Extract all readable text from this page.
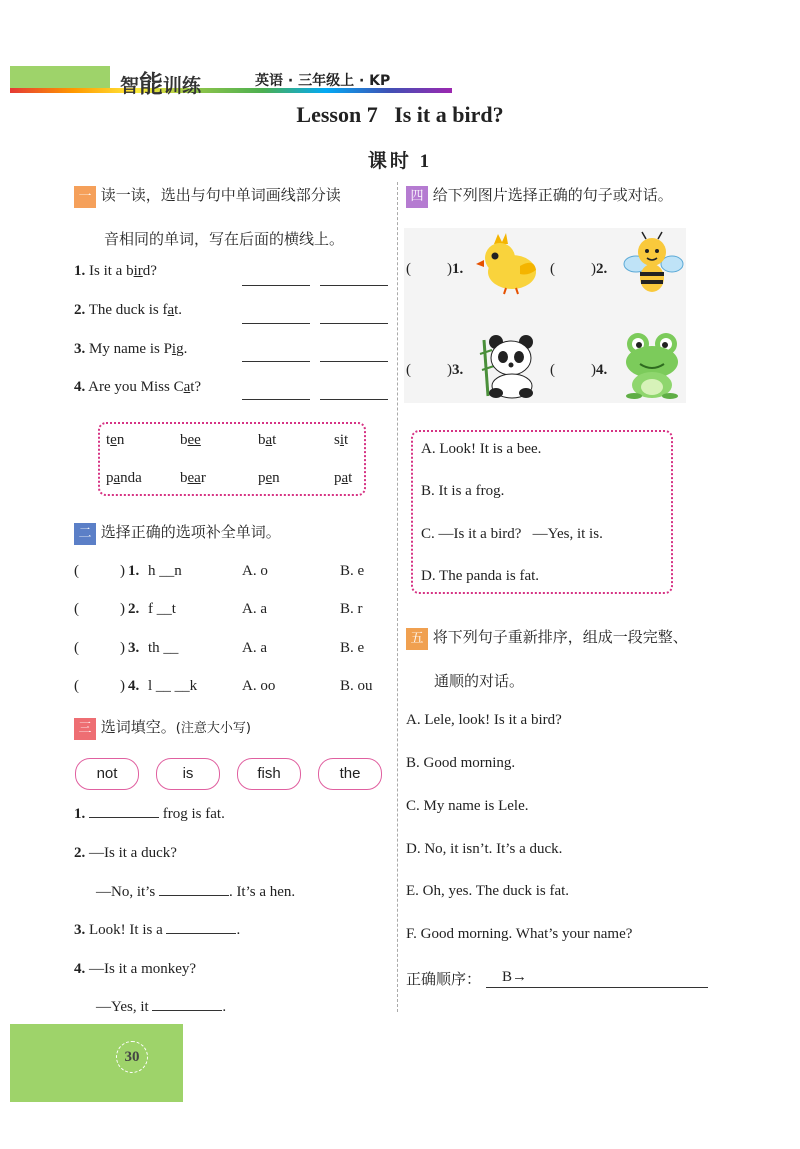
智能训练	英语 · 三年级上 · KP
Lesson 7   Is it a bird?
课时 1
一 读一读，选出与句中单词画线部分读
音相同的单词，写在后面的横线上。
1. Is it a bird?
2. The duck is fat.
3. My name is Pig.
4. Are you Miss Cat?
ten	bee	bat	sit
panda	bear	pen	pat
二 选择正确的选项补全单词。
(	) 1. h __n	A. o	B. e
(	) 2. f __t	A. a	B. r
(	) 3. th __	A. a	B. e
(	) 4. l __ __k	A. oo	B. ou
三 选词填空。(注意大小写)
not	is	fish	the
1.	frog is fat.
2. —Is it a duck?
—No, it’s	. It’s a hen.
3. Look! It is a	.
4. —Is it a monkey?
—Yes, it	.
四 给下列图片选择正确的句子或对话。
( )1.	( )2.
( )3.	( )4.
A. Look! It is a bee.
B. It is a frog.
C. —Is it a bird?   —Yes, it is.
D. The panda is fat.
五 将下列句子重新排序，组成一段完整、
通顺的对话。
A. Lele, look! Is it a bird?
B. Good morning.
C. My name is Lele.
D. No, it isn’t. It’s a duck.
E. Oh, yes. The duck is fat.
F. Good morning. What’s your name?
正确顺序： B→
30
